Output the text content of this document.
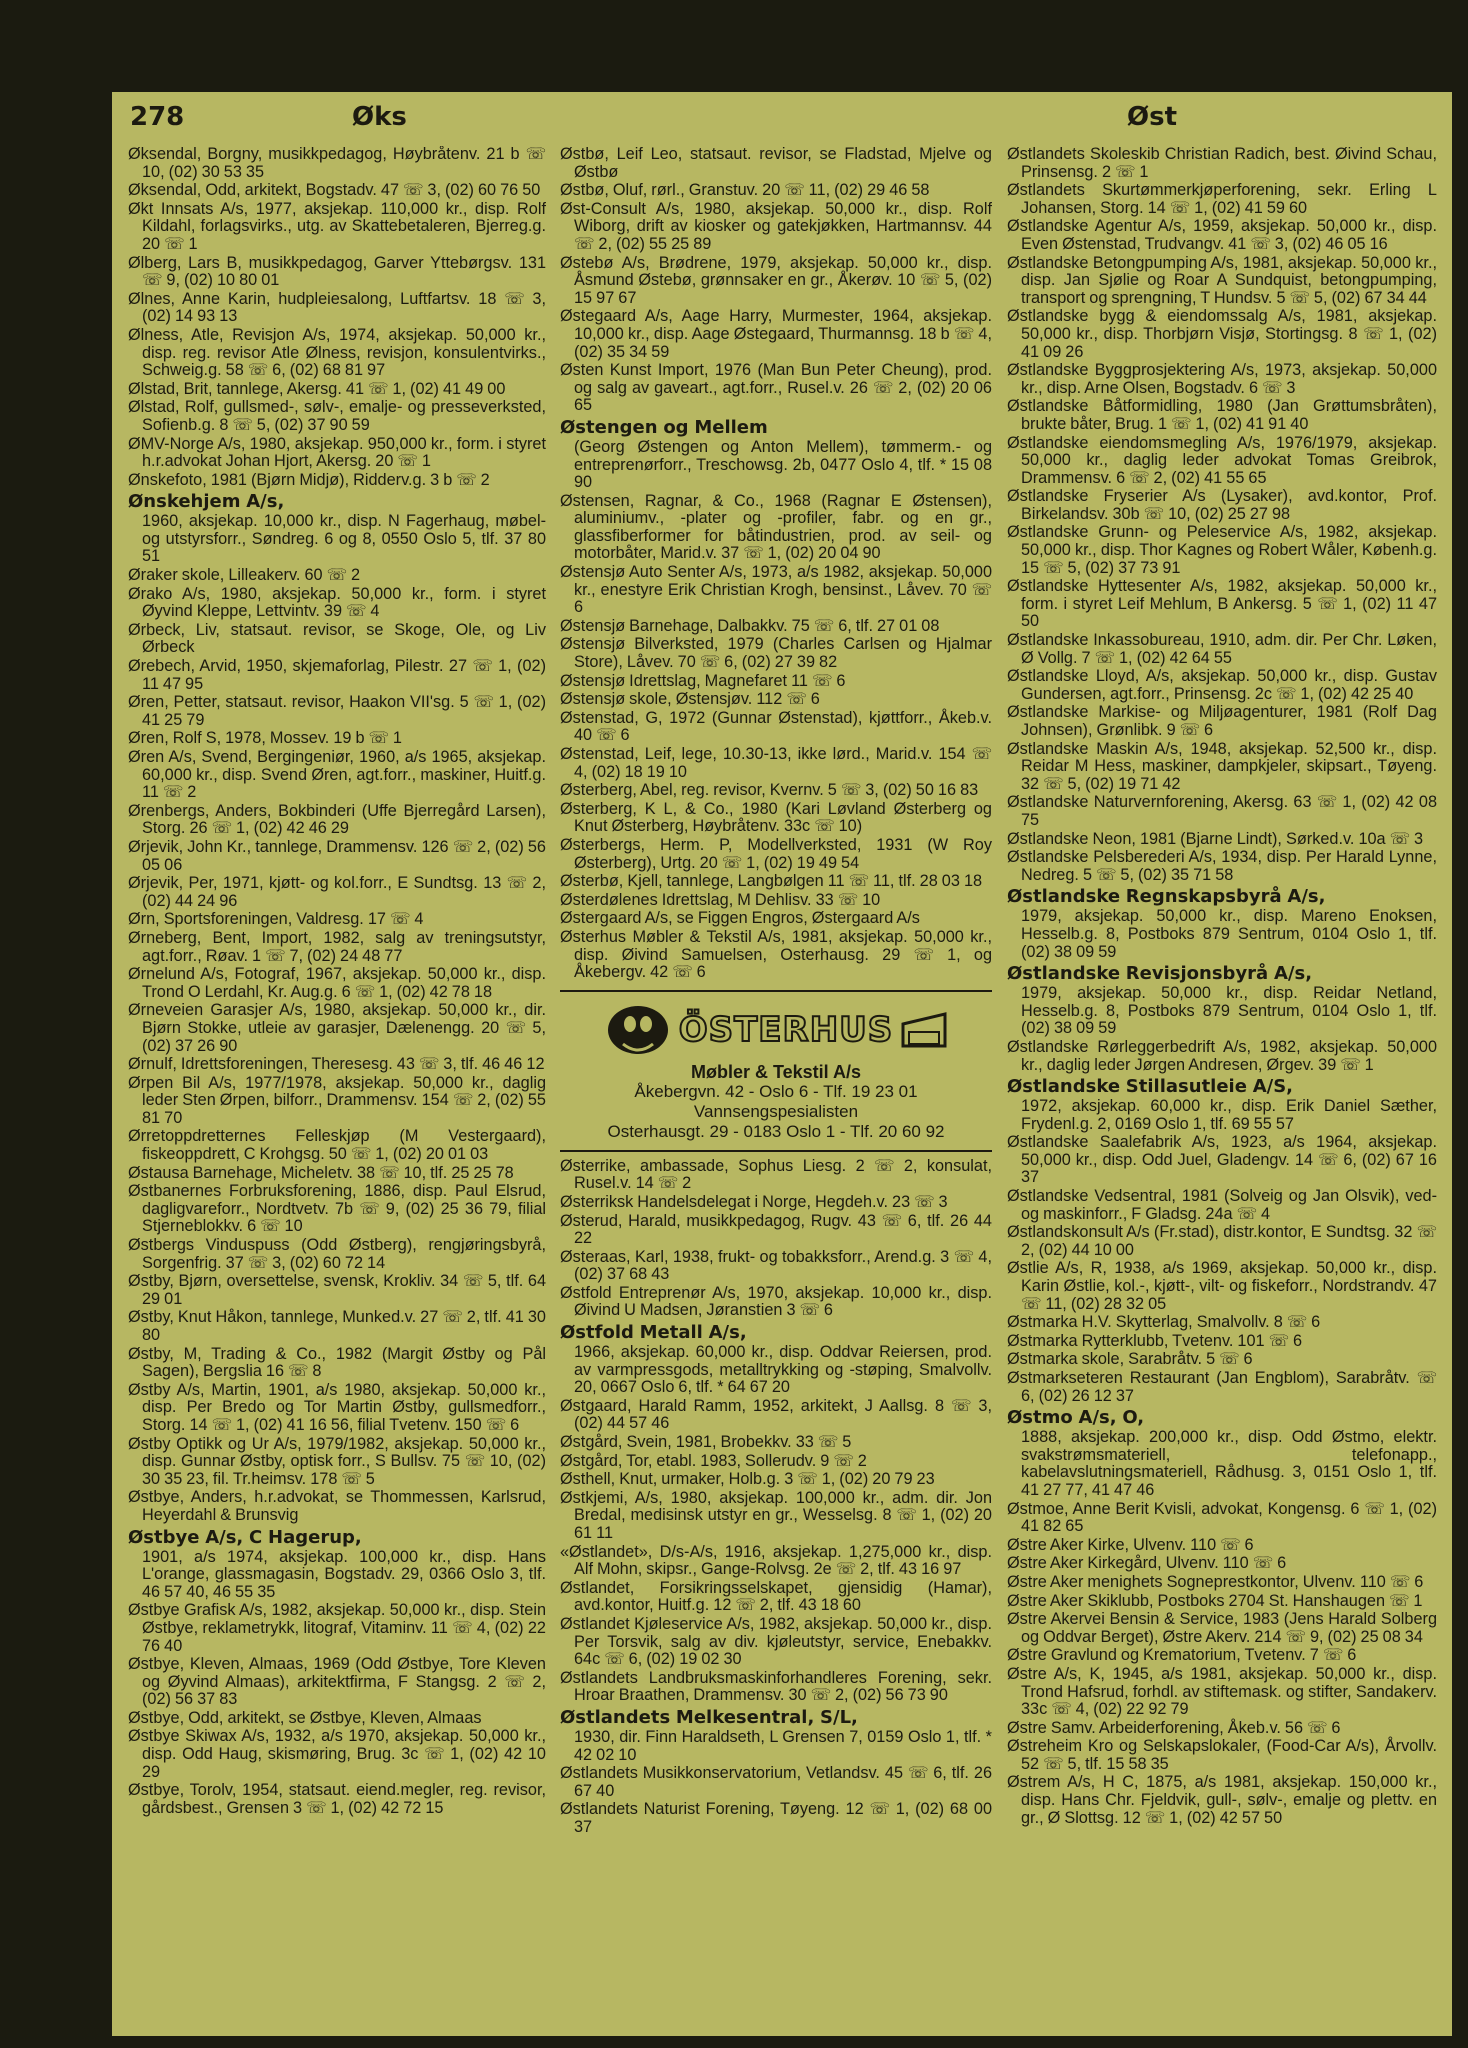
278	Øks	Øst
Øksendal, Borgny, musikkpedagog, Høybråtenv. 21 b ☏ 10, (02) 30 53 35
Øksendal, Odd, arkitekt, Bogstadv. 47 ☏ 3, (02) 60 76 50
Økt Innsats A/s, 1977, aksjekap. 110,000 kr., disp. Rolf Kildahl, forlagsvirks., utg. av Skattebetaleren, Bjerreg.g. 20 ☏ 1
Ølberg, Lars B, musikkpedagog, Garver Yttebørgsv. 131 ☏ 9, (02) 10 80 01
Ølnes, Anne Karin, hudpleiesalong, Luftfartsv. 18 ☏ 3, (02) 14 93 13
Ølness, Atle, Revisjon A/s, 1974, aksjekap. 50,000 kr., disp. reg. revisor Atle Ølness, revisjon, konsulentvirks., Schweig.g. 58 ☏ 6, (02) 68 81 97
Ølstad, Brit, tannlege, Akersg. 41 ☏ 1, (02) 41 49 00
Ølstad, Rolf, gullsmed-, sølv-, emalje- og presseverksted, Sofienb.g. 8 ☏ 5, (02) 37 90 59
ØMV-Norge A/s, 1980, aksjekap. 950,000 kr., form. i styret h.r.advokat Johan Hjort, Akersg. 20 ☏ 1
Ønskefoto, 1981 (Bjørn Midjø), Ridderv.g. 3 b ☏ 2
Ønskehjem A/s,
1960, aksjekap. 10,000 kr., disp. N Fagerhaug, møbel- og utstyrsforr., Søndreg. 6 og 8, 0550 Oslo 5, tlf. 37 80 51
Øraker skole, Lilleakerv. 60 ☏ 2
Ørako A/s, 1980, aksjekap. 50,000 kr., form. i styret Øyvind Kleppe, Lettvintv. 39 ☏ 4
Ørbeck, Liv, statsaut. revisor, se Skoge, Ole, og Liv Ørbeck
Ørebech, Arvid, 1950, skjemaforlag, Pilestr. 27 ☏ 1, (02) 11 47 95
Øren, Petter, statsaut. revisor, Haakon VII'sg. 5 ☏ 1, (02) 41 25 79
Øren, Rolf S, 1978, Mossev. 19 b ☏ 1
Øren A/s, Svend, Bergingeniør, 1960, a/s 1965, aksjekap. 60,000 kr., disp. Svend Øren, agt.forr., maskiner, Huitf.g. 11 ☏ 2
Ørenbergs, Anders, Bokbinderi (Uffe Bjerregård Larsen), Storg. 26 ☏ 1, (02) 42 46 29
Ørjevik, John Kr., tannlege, Drammensv. 126 ☏ 2, (02) 56 05 06
Ørjevik, Per, 1971, kjøtt- og kol.forr., E Sundtsg. 13 ☏ 2, (02) 44 24 96
Ørn, Sportsforeningen, Valdresg. 17 ☏ 4
Ørneberg, Bent, Import, 1982, salg av treningsutstyr, agt.forr., Røav. 1 ☏ 7, (02) 24 48 77
Ørnelund A/s, Fotograf, 1967, aksjekap. 50,000 kr., disp. Trond O Lerdahl, Kr. Aug.g. 6 ☏ 1, (02) 42 78 18
Ørneveien Garasjer A/s, 1980, aksjekap. 50,000 kr., dir. Bjørn Stokke, utleie av garasjer, Dælenengg. 20 ☏ 5, (02) 37 26 90
Ørnulf, Idrettsforeningen, Theresesg. 43 ☏ 3, tlf. 46 46 12
Ørpen Bil A/s, 1977/1978, aksjekap. 50,000 kr., daglig leder Sten Ørpen, bilforr., Drammensv. 154 ☏ 2, (02) 55 81 70
Ørretoppdretternes Felleskjøp (M Vestergaard), fiskeoppdrett, C Krohgsg. 50 ☏ 1, (02) 20 01 03
Østausa Barnehage, Micheletv. 38 ☏ 10, tlf. 25 25 78
Østbanernes Forbruksforening, 1886, disp. Paul Elsrud, dagligvareforr., Nordtvetv. 7b ☏ 9, (02) 25 36 79, filial Stjerneblokkv. 6 ☏ 10
Østbergs Vinduspuss (Odd Østberg), rengjøringsbyrå, Sorgenfrig. 37 ☏ 3, (02) 60 72 14
Østby, Bjørn, oversettelse, svensk, Krokliv. 34 ☏ 5, tlf. 64 29 01
Østby, Knut Håkon, tannlege, Munked.v. 27 ☏ 2, tlf. 41 30 80
Østby, M, Trading & Co., 1982 (Margit Østby og Pål Sagen), Bergslia 16 ☏ 8
Østby A/s, Martin, 1901, a/s 1980, aksjekap. 50,000 kr., disp. Per Bredo og Tor Martin Østby, gullsmedforr., Storg. 14 ☏ 1, (02) 41 16 56, filial Tvetenv. 150 ☏ 6
Østby Optikk og Ur A/s, 1979/1982, aksjekap. 50,000 kr., disp. Gunnar Østby, optisk forr., S Bullsv. 75 ☏ 10, (02) 30 35 23, fil. Tr.heimsv. 178 ☏ 5
Østbye, Anders, h.r.advokat, se Thommessen, Karlsrud, Heyerdahl & Brunsvig
Østbye A/s, C Hagerup,
1901, a/s 1974, aksjekap. 100,000 kr., disp. Hans L'orange, glassmagasin, Bogstadv. 29, 0366 Oslo 3, tlf. 46 57 40, 46 55 35
Østbye Grafisk A/s, 1982, aksjekap. 50,000 kr., disp. Stein Østbye, reklametrykk, litograf, Vitaminv. 11 ☏ 4, (02) 22 76 40
Østbye, Kleven, Almaas, 1969 (Odd Østbye, Tore Kleven og Øyvind Almaas), arkitektfirma, F Stangsg. 2 ☏ 2, (02) 56 37 83
Østbye, Odd, arkitekt, se Østbye, Kleven, Almaas
Østbye Skiwax A/s, 1932, a/s 1970, aksjekap. 50,000 kr., disp. Odd Haug, skismøring, Brug. 3c ☏ 1, (02) 42 10 29
Østbye, Torolv, 1954, statsaut. eiend.megler, reg. revisor, gårdsbest., Grensen 3 ☏ 1, (02) 42 72 15
Østbø, Leif Leo, statsaut. revisor, se Fladstad, Mjelve og Østbø
Østbø, Oluf, rørl., Granstuv. 20 ☏ 11, (02) 29 46 58
Øst-Consult A/s, 1980, aksjekap. 50,000 kr., disp. Rolf Wiborg, drift av kiosker og gatekjøkken, Hartmannsv. 44 ☏ 2, (02) 55 25 89
Østebø A/s, Brødrene, 1979, aksjekap. 50,000 kr., disp. Åsmund Østebø, grønnsaker en gr., Åkerøv. 10 ☏ 5, (02) 15 97 67
Østegaard A/s, Aage Harry, Murmester, 1964, aksjekap. 10,000 kr., disp. Aage Østegaard, Thurmannsg. 18 b ☏ 4, (02) 35 34 59
Østen Kunst Import, 1976 (Man Bun Peter Cheung), prod. og salg av gaveart., agt.forr., Rusel.v. 26 ☏ 2, (02) 20 06 65
Østengen og Mellem
(Georg Østengen og Anton Mellem), tømmerm.- og entreprenørforr., Treschowsg. 2b, 0477 Oslo 4, tlf. * 15 08 90
Østensen, Ragnar, & Co., 1968 (Ragnar E Østensen), aluminiumv., -plater og -profiler, fabr. og en gr., glassfiberformer for båtindustrien, prod. av seil- og motorbåter, Marid.v. 37 ☏ 1, (02) 20 04 90
Østensjø Auto Senter A/s, 1973, a/s 1982, aksjekap. 50,000 kr., enestyre Erik Christian Krogh, bensinst., Låvev. 70 ☏ 6
Østensjø Barnehage, Dalbakkv. 75 ☏ 6, tlf. 27 01 08
Østensjø Bilverksted, 1979 (Charles Carlsen og Hjalmar Store), Låvev. 70 ☏ 6, (02) 27 39 82
Østensjø Idrettslag, Magnefaret 11 ☏ 6
Østensjø skole, Østensjøv. 112 ☏ 6
Østenstad, G, 1972 (Gunnar Østenstad), kjøttforr., Åkeb.v. 40 ☏ 6
Østenstad, Leif, lege, 10.30-13, ikke lørd., Marid.v. 154 ☏ 4, (02) 18 19 10
Østerberg, Abel, reg. revisor, Kvernv. 5 ☏ 3, (02) 50 16 83
Østerberg, K L, & Co., 1980 (Kari Løvland Østerberg og Knut Østerberg, Høybråtenv. 33c ☏ 10)
Østerbergs, Herm. P, Modellverksted, 1931 (W Roy Østerberg), Urtg. 20 ☏ 1, (02) 19 49 54
Østerbø, Kjell, tannlege, Langbølgen 11 ☏ 11, tlf. 28 03 18
Østerdølenes Idrettslag, M Dehlisv. 33 ☏ 10
Østergaard A/s, se Figgen Engros, Østergaard A/s
Østerhus Møbler & Tekstil A/s, 1981, aksjekap. 50,000 kr., disp. Øivind Samuelsen, Osterhausg. 29 ☏ 1, og Åkebergv. 42 ☏ 6
ÖSTERHUS
Møbler & Tekstil A/s
Åkebergvn. 42 - Oslo 6 - Tlf. 19 23 01
Vannsengspesialisten
Osterhausgt. 29 - 0183 Oslo 1 - Tlf. 20 60 92
Østerrike, ambassade, Sophus Liesg. 2 ☏ 2, konsulat, Rusel.v. 14 ☏ 2
Østerriksk Handelsdelegat i Norge, Hegdeh.v. 23 ☏ 3
Østerud, Harald, musikkpedagog, Rugv. 43 ☏ 6, tlf. 26 44 22
Østeraas, Karl, 1938, frukt- og tobakksforr., Arend.g. 3 ☏ 4, (02) 37 68 43
Østfold Entreprenør A/s, 1970, aksjekap. 10,000 kr., disp. Øivind U Madsen, Jøranstien 3 ☏ 6
Østfold Metall A/s,
1966, aksjekap. 60,000 kr., disp. Oddvar Reiersen, prod. av varmpressgods, metalltrykking og -støping, Smalvollv. 20, 0667 Oslo 6, tlf. * 64 67 20
Østgaard, Harald Ramm, 1952, arkitekt, J Aallsg. 8 ☏ 3, (02) 44 57 46
Østgård, Svein, 1981, Brobekkv. 33 ☏ 5
Østgård, Tor, etabl. 1983, Sollerudv. 9 ☏ 2
Østhell, Knut, urmaker, Holb.g. 3 ☏ 1, (02) 20 79 23
Østkjemi, A/s, 1980, aksjekap. 100,000 kr., adm. dir. Jon Bredal, medisinsk utstyr en gr., Wesselsg. 8 ☏ 1, (02) 20 61 11
«Østlandet», D/s-A/s, 1916, aksjekap. 1,275,000 kr., disp. Alf Mohn, skipsr., Gange-Rolvsg. 2e ☏ 2, tlf. 43 16 97
Østlandet, Forsikringsselskapet, gjensidig (Hamar), avd.kontor, Huitf.g. 12 ☏ 2, tlf. 43 18 60
Østlandet Kjøleservice A/s, 1982, aksjekap. 50,000 kr., disp. Per Torsvik, salg av div. kjøleutstyr, service, Enebakkv. 64c ☏ 6, (02) 19 02 30
Østlandets Landbruksmaskinforhandleres Forening, sekr. Hroar Braathen, Drammensv. 30 ☏ 2, (02) 56 73 90
Østlandets Melkesentral, S/L,
1930, dir. Finn Haraldseth, L Grensen 7, 0159 Oslo 1, tlf. * 42 02 10
Østlandets Musikkonservatorium, Vetlandsv. 45 ☏ 6, tlf. 26 67 40
Østlandets Naturist Forening, Tøyeng. 12 ☏ 1, (02) 68 00 37
Østlandets Skoleskib Christian Radich, best. Øivind Schau, Prinsensg. 2 ☏ 1
Østlandets Skurtømmerkjøperforening, sekr. Erling L Johansen, Storg. 14 ☏ 1, (02) 41 59 60
Østlandske Agentur A/s, 1959, aksjekap. 50,000 kr., disp. Even Østenstad, Trudvangv. 41 ☏ 3, (02) 46 05 16
Østlandske Betongpumping A/s, 1981, aksjekap. 50,000 kr., disp. Jan Sjølie og Roar A Sundquist, betongpumping, transport og sprengning, T Hundsv. 5 ☏ 5, (02) 67 34 44
Østlandske bygg & eiendomssalg A/s, 1981, aksjekap. 50,000 kr., disp. Thorbjørn Visjø, Stortingsg. 8 ☏ 1, (02) 41 09 26
Østlandske Byggprosjektering A/s, 1973, aksjekap. 50,000 kr., disp. Arne Olsen, Bogstadv. 6 ☏ 3
Østlandske Båtformidling, 1980 (Jan Grøttumsbråten), brukte båter, Brug. 1 ☏ 1, (02) 41 91 40
Østlandske eiendomsmegling A/s, 1976/1979, aksjekap. 50,000 kr., daglig leder advokat Tomas Greibrok, Drammensv. 6 ☏ 2, (02) 41 55 65
Østlandske Fryserier A/s (Lysaker), avd.kontor, Prof. Birkelandsv. 30b ☏ 10, (02) 25 27 98
Østlandske Grunn- og Peleservice A/s, 1982, aksjekap. 50,000 kr., disp. Thor Kagnes og Robert Wåler, Københ.g. 15 ☏ 5, (02) 37 73 91
Østlandske Hyttesenter A/s, 1982, aksjekap. 50,000 kr., form. i styret Leif Mehlum, B Ankersg. 5 ☏ 1, (02) 11 47 50
Østlandske Inkassobureau, 1910, adm. dir. Per Chr. Løken, Ø Vollg. 7 ☏ 1, (02) 42 64 55
Østlandske Lloyd, A/s, aksjekap. 50,000 kr., disp. Gustav Gundersen, agt.forr., Prinsensg. 2c ☏ 1, (02) 42 25 40
Østlandske Markise- og Miljøagenturer, 1981 (Rolf Dag Johnsen), Grønlibk. 9 ☏ 6
Østlandske Maskin A/s, 1948, aksjekap. 52,500 kr., disp. Reidar M Hess, maskiner, dampkjeler, skipsart., Tøyeng. 32 ☏ 5, (02) 19 71 42
Østlandske Naturvernforening, Akersg. 63 ☏ 1, (02) 42 08 75
Østlandske Neon, 1981 (Bjarne Lindt), Sørked.v. 10a ☏ 3
Østlandske Pelsberederi A/s, 1934, disp. Per Harald Lynne, Nedreg. 5 ☏ 5, (02) 35 71 58
Østlandske Regnskapsbyrå A/s,
1979, aksjekap. 50,000 kr., disp. Mareno Enoksen, Hesselb.g. 8, Postboks 879 Sentrum, 0104 Oslo 1, tlf. (02) 38 09 59
Østlandske Revisjonsbyrå A/s,
1979, aksjekap. 50,000 kr., disp. Reidar Netland, Hesselb.g. 8, Postboks 879 Sentrum, 0104 Oslo 1, tlf. (02) 38 09 59
Østlandske Rørleggerbedrift A/s, 1982, aksjekap. 50,000 kr., daglig leder Jørgen Andresen, Ørgev. 39 ☏ 1
Østlandske Stillasutleie A/S,
1972, aksjekap. 60,000 kr., disp. Erik Daniel Sæther, Frydenl.g. 2, 0169 Oslo 1, tlf. 69 55 57
Østlandske Saalefabrik A/s, 1923, a/s 1964, aksjekap. 50,000 kr., disp. Odd Juel, Gladengv. 14 ☏ 6, (02) 67 16 37
Østlandske Vedsentral, 1981 (Solveig og Jan Olsvik), ved- og maskinforr., F Gladsg. 24a ☏ 4
Østlandskonsult A/s (Fr.stad), distr.kontor, E Sundtsg. 32 ☏ 2, (02) 44 10 00
Østlie A/s, R, 1938, a/s 1969, aksjekap. 50,000 kr., disp. Karin Østlie, kol.-, kjøtt-, vilt- og fiskeforr., Nordstrandv. 47 ☏ 11, (02) 28 32 05
Østmarka H.V. Skytterlag, Smalvollv. 8 ☏ 6
Østmarka Rytterklubb, Tvetenv. 101 ☏ 6
Østmarka skole, Sarabråtv. 5 ☏ 6
Østmarkseteren Restaurant (Jan Engblom), Sarabråtv. ☏ 6, (02) 26 12 37
Østmo A/s, O,
1888, aksjekap. 200,000 kr., disp. Odd Østmo, elektr. svakstrømsmateriell, telefonapp., kabelavslutningsmateriell, Rådhusg. 3, 0151 Oslo 1, tlf. 41 27 77, 41 47 46
Østmoe, Anne Berit Kvisli, advokat, Kongensg. 6 ☏ 1, (02) 41 82 65
Østre Aker Kirke, Ulvenv. 110 ☏ 6
Østre Aker Kirkegård, Ulvenv. 110 ☏ 6
Østre Aker menighets Sogneprestkontor, Ulvenv. 110 ☏ 6
Østre Aker Skiklubb, Postboks 2704 St. Hanshaugen ☏ 1
Østre Akervei Bensin & Service, 1983 (Jens Harald Solberg og Oddvar Berget), Østre Akerv. 214 ☏ 9, (02) 25 08 34
Østre Gravlund og Krematorium, Tvetenv. 7 ☏ 6
Østre A/s, K, 1945, a/s 1981, aksjekap. 50,000 kr., disp. Trond Hafsrud, forhdl. av stiftemask. og stifter, Sandakerv. 33c ☏ 4, (02) 22 92 79
Østre Samv. Arbeiderforening, Åkeb.v. 56 ☏ 6
Østreheim Kro og Selskapslokaler, (Food-Car A/s), Årvollv. 52 ☏ 5, tlf. 15 58 35
Østrem A/s, H C, 1875, a/s 1981, aksjekap. 150,000 kr., disp. Hans Chr. Fjeldvik, gull-, sølv-, emalje og plettv. en gr., Ø Slottsg. 12 ☏ 1, (02) 42 57 50
